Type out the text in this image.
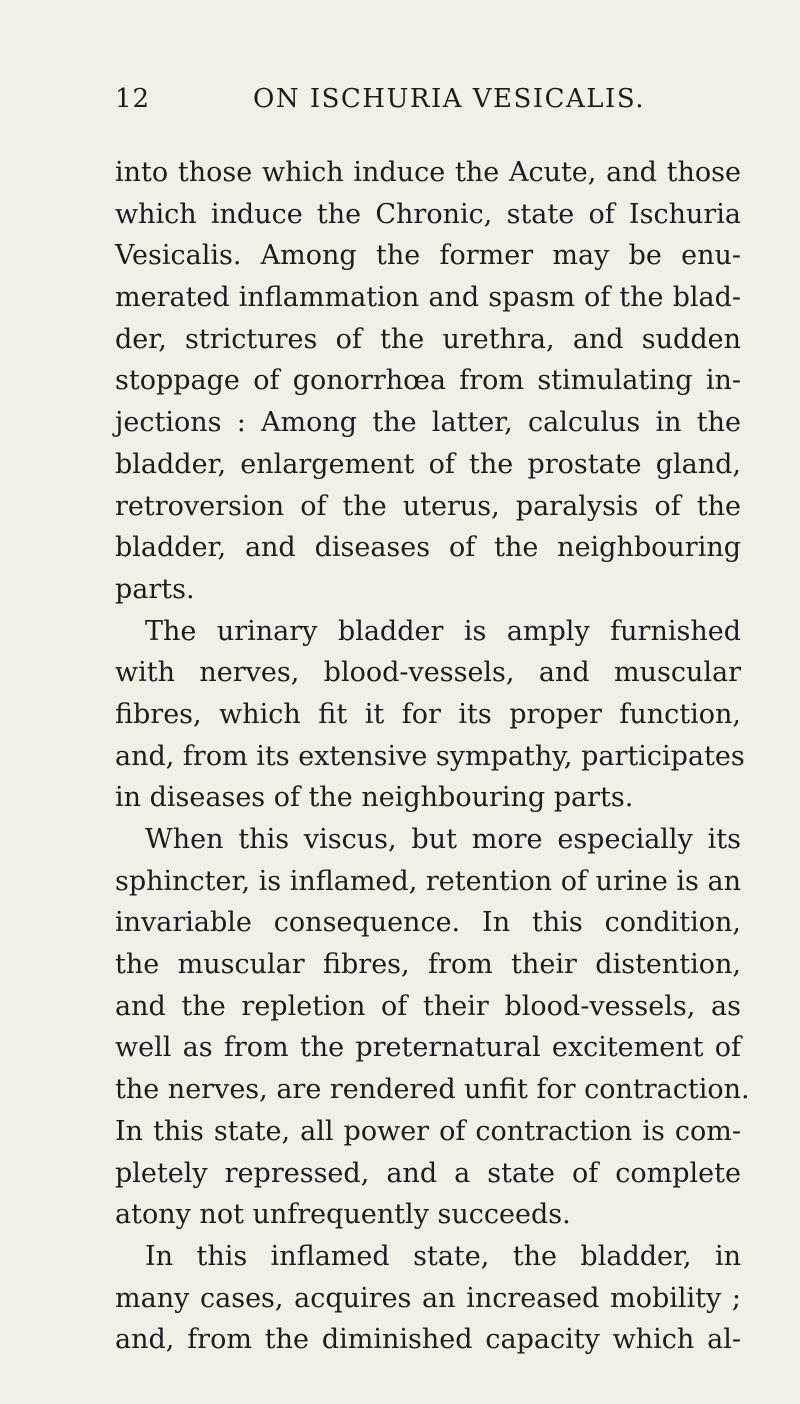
12	ON ISCHURIA VESICALIS.
into those which induce the Acute, and those
which induce the Chronic, state of Ischuria
Vesicalis. Among the former may be enu-
merated inflammation and spasm of the blad-
der, strictures of the urethra, and sudden
stoppage of gonorrhœa from stimulating in-
jections : Among the latter, calculus in the
bladder, enlargement of the prostate gland,
retroversion of the uterus, paralysis of the
bladder, and diseases of the neighbouring
parts.
The urinary bladder is amply furnished
with nerves, blood-vessels, and muscular
fibres, which fit it for its proper function,
and, from its extensive sympathy, participates
in diseases of the neighbouring parts.
When this viscus, but more especially its
sphincter, is inflamed, retention of urine is an
invariable consequence. In this condition,
the muscular fibres, from their distention,
and the repletion of their blood-vessels, as
well as from the preternatural excitement of
the nerves, are rendered unfit for contraction.
In this state, all power of contraction is com-
pletely repressed, and a state of complete
atony not unfrequently succeeds.
In this inflamed state, the bladder, in
many cases, acquires an increased mobility ;
and, from the diminished capacity which al-
